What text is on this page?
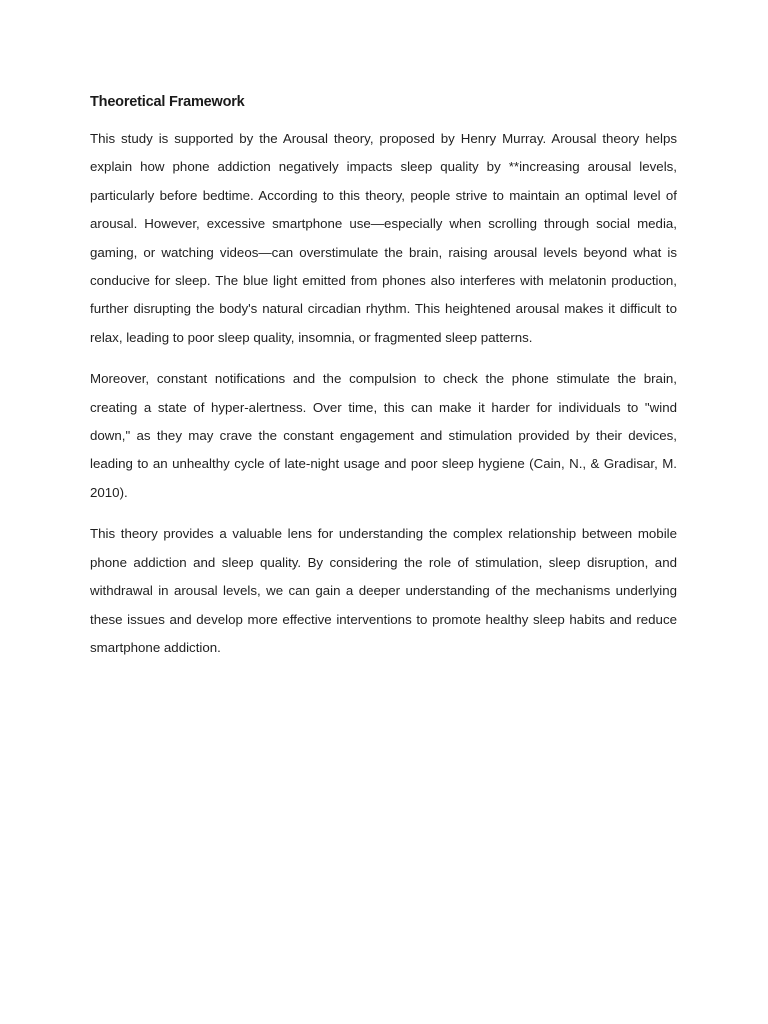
Theoretical Framework

This study is supported by the Arousal theory, proposed by Henry Murray. Arousal theory helps explain how phone addiction negatively impacts sleep quality by **increasing arousal levels, particularly before bedtime. According to this theory, people strive to maintain an optimal level of arousal. However, excessive smartphone use—especially when scrolling through social media, gaming, or watching videos—can overstimulate the brain, raising arousal levels beyond what is conducive for sleep. The blue light emitted from phones also interferes with melatonin production, further disrupting the body's natural circadian rhythm. This heightened arousal makes it difficult to relax, leading to poor sleep quality, insomnia, or fragmented sleep patterns.

Moreover, constant notifications and the compulsion to check the phone stimulate the brain, creating a state of hyper-alertness. Over time, this can make it harder for individuals to "wind down," as they may crave the constant engagement and stimulation provided by their devices, leading to an unhealthy cycle of late-night usage and poor sleep hygiene (Cain, N., & Gradisar, M. 2010).

This theory provides a valuable lens for understanding the complex relationship between mobile phone addiction and sleep quality. By considering the role of stimulation, sleep disruption, and withdrawal in arousal levels, we can gain a deeper understanding of the mechanisms underlying these issues and develop more effective interventions to promote healthy sleep habits and reduce smartphone addiction.
